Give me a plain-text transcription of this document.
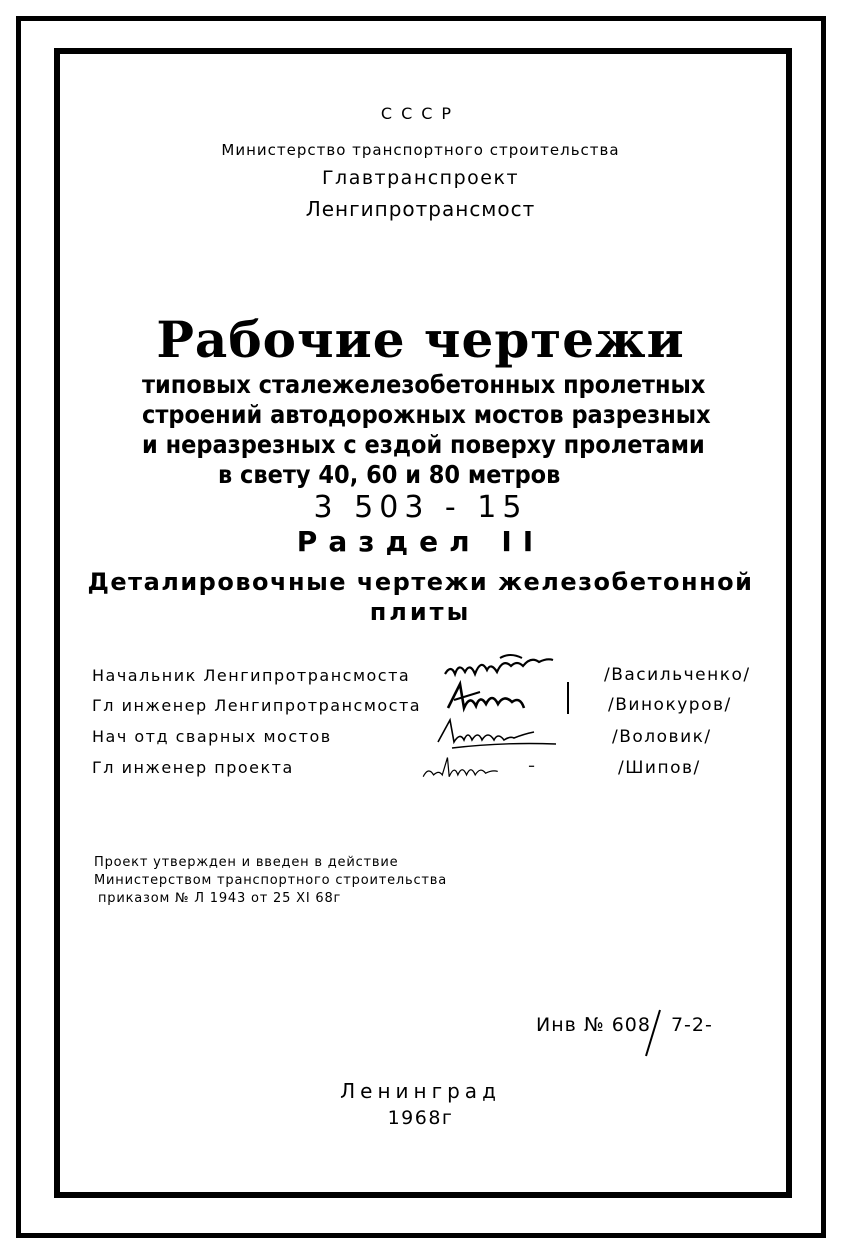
СССР
Министерство транспортного строительства
Главтранспроект
Ленгипротрансмост
Рабочие чертежи
типовых сталежелезобетонных пролетных
строений автодорожных мостов разрезных
и неразрезных с ездой поверху пролетами
в свету 40, 60 и 80 метров
3 503 - 15
Раздел II
Деталировочные чертежи железобетонной
плиты
Начальник Ленгипротрансмоста
Гл инженер Ленгипротрансмоста
Нач отд сварных мостов
Гл инженер проекта
/Васильченко/
/Винокуров/
/Воловик/
/Шипов/
Проект утвержден и введен в действие
Министерством транспортного строительства
приказом № Л 1943 от 25 XI 68г
Инв № 608 7-2-
Ленинград
1968г
